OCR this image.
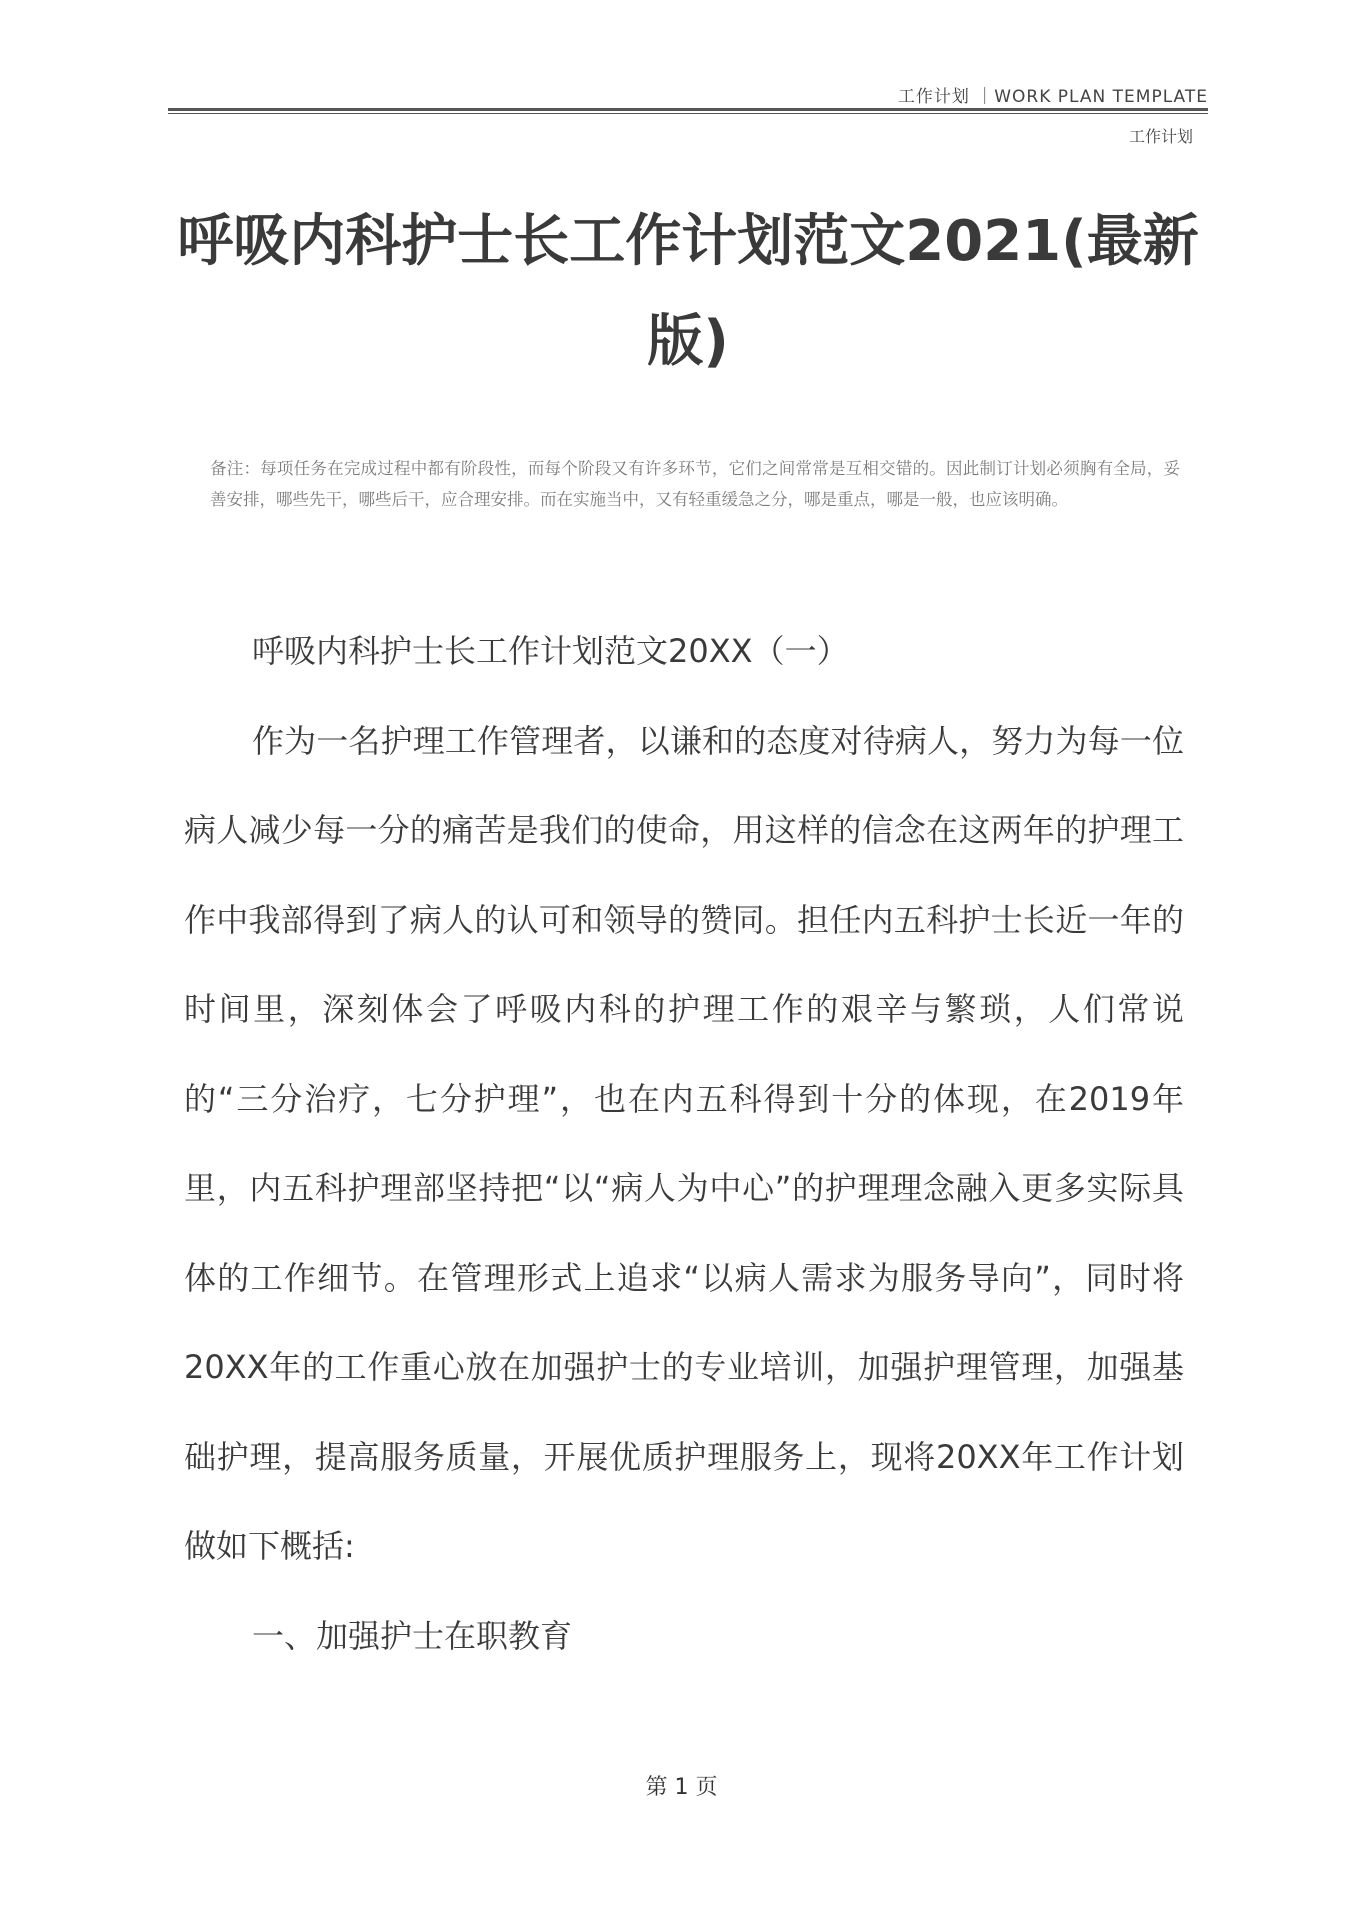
工作计划 ｜WORK PLAN TEMPLATE
工作计划
呼吸内科护士长工作计划范文2021(最新版)
备注：每项任务在完成过程中都有阶段性，而每个阶段又有许多环节，它们之间常常是互相交错的。因此制订计划必须胸有全局，妥善安排，哪些先干，哪些后干，应合理安排。而在实施当中，又有轻重缓急之分，哪是重点，哪是一般，也应该明确。

呼吸内科护士长工作计划范文20XX（一）

作为一名护理工作管理者，以谦和的态度对待病人，努力为每一位病人减少每一分的痛苦是我们的使命，用这样的信念在这两年的护理工作中我部得到了病人的认可和领导的赞同。担任内五科护士长近一年的时间里，深刻体会了呼吸内科的护理工作的艰辛与繁琐，人们常说的“三分治疗，七分护理”，也在内五科得到十分的体现，在2019年里，内五科护理部坚持把“以“病人为中心”的护理理念融入更多实际具体的工作细节。在管理形式上追求“以病人需求为服务导向”，同时将20XX年的工作重心放在加强护士的专业培训，加强护理管理，加强基础护理，提高服务质量，开展优质护理服务上，现将20XX年工作计划做如下概括:

一、加强护士在职教育

第 1 页
